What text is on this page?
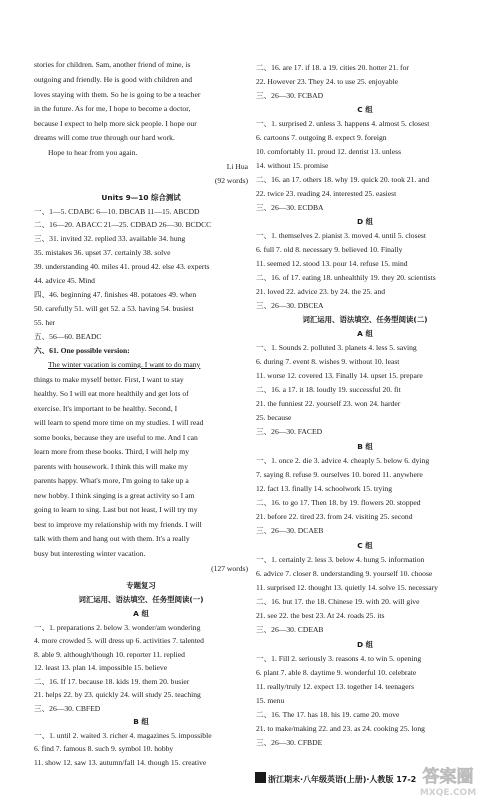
stories for children. Sam, another friend of mine, is
outgoing and friendly. He is good with children and
loves staying with them. So he is going to be a teacher
in the future. As for me, I hope to become a doctor,
because I expect to help more sick people. I hope our
dreams will come true through our hard work.
Hope to hear from you again.
Li Hua
(92 words)
Units 9—10 综合测试
一、1—5. CDABC 6—10. DBCAB 11—15. ABCDD
二、16—20. ABACC 21—25. CDBAD 26—30. BCDCC
三、31. invited 32. replied 33. available 34. hung
35. mistakes 36. upset 37. certainly 38. solve
39. understanding 40. miles 41. proud 42. else 43. experts
44. advice 45. Mind
四、46. beginning 47. finishes 48. potatoes 49. when
50. carefully 51. will get 52. a 53. having 54. busiest
55. her
五、56—60. BEADC
六、61. One possible version:
The winter vacation is coming. I want to do many
things to make myself better. First, I want to stay
healthy. So I will eat more healthily and get lots of
exercise. It's important to be healthy. Second, I
will learn to spend more time on my studies. I will read
some books, because they are useful to me. And I can
learn more from these books. Third, I will help my
parents with housework. I think this will make my
parents happy. What's more, I'm going to take up a
new hobby. I think singing is a great activity so I am
going to learn to sing. Last but not least, I will try my
best to improve my relationship with my friends. I will
talk with them and hang out with them. It's a really
busy but interesting winter vacation.
(127 words)
专题复习
词汇运用、语法填空、任务型阅读(一)
A 组
一、1. preparations 2. below 3. wonder/am wondering
4. more crowded 5. will dress up 6. activities 7. talented
8. able 9. although/though 10. reporter 11. replied
12. least 13. plan 14. impossible 15. believe
二、16. If 17. because 18. kids 19. them 20. busier
21. helps 22. by 23. quickly 24. will study 25. teaching
三、26—30. CBFED
B 组
一、1. until 2. waited 3. richer 4. magazines 5. impossible
6. find 7. famous 8. such 9. symbol 10. hobby
11. show 12. saw 13. autumn/fall 14. though 15. creative
二、16. are 17. if 18. a 19. cities 20. hotter 21. for
22. However 23. They 24. to use 25. enjoyable
三、26—30. FCBAD
C 组
一、1. surprised 2. unless 3. happens 4. almost 5. closest
6. cartoons 7. outgoing 8. expect 9. foreign
10. comfortably 11. proud 12. dentist 13. unless
14. without 15. promise
二、16. an 17. others 18. why 19. quick 20. took 21. and
22. twice 23. reading 24. interested 25. easiest
三、26—30. ECDBA
D 组
一、1. themselves 2. pianist 3. moved 4. until 5. closest
6. full 7. old 8. necessary 9. believed 10. Finally
11. seemed 12. stood 13. pour 14. refuse 15. mind
二、16. of 17. eating 18. unhealthily 19. they 20. scientists
21. loved 22. advice 23. by 24. the 25. and
三、26—30. DBCEA
词汇运用、语法填空、任务型阅读(二)
A 组
一、1. Sounds 2. polluted 3. planets 4. less 5. saving
6. during 7. event 8. wishes 9. without 10. least
11. worse 12. covered 13. Finally 14. upset 15. prepare
二、16. a 17. it 18. loudly 19. successful 20. fit
21. the funniest 22. yourself 23. won 24. harder
25. because
三、26—30. FACED
B 组
一、1. once 2. die 3. advice 4. cheaply 5. below 6. dying
7. saying 8. refuse 9. ourselves 10. bored 11. anywhere
12. fact 13. finally 14. schoolwork 15. trying
二、16. to go 17. Then 18. by 19. flowers 20. stopped
21. before 22. tired 23. from 24. visiting 25. second
三、26—30. DCAEB
C 组
一、1. certainly 2. less 3. below 4. hung 5. information
6. advice 7. closer 8. understanding 9. yourself 10. choose
11. surprised 12. thought 13. quietly 14. solve 15. necessary
二、16. but 17. the 18. Chinese 19. with 20. will give
21. see 22. the best 23. At 24. roads 25. its
三、26—30. CDEAB
D 组
一、1. Fill 2. seriously 3. reasons 4. to win 5. opening
6. plant 7. able 8. daytime 9. wonderful 10. celebrate
11. really/truly 12. expect 13. together 14. teenagers
15. menu
二、16. The 17. has 18. his 19. came 20. move
21. to make/making 22. and 23. as 24. cooking 25. long
三、26—30. CFBDE
浙江期末·八年级英语(上册)·人教版 17-2 答案圈
MXQE.COM
